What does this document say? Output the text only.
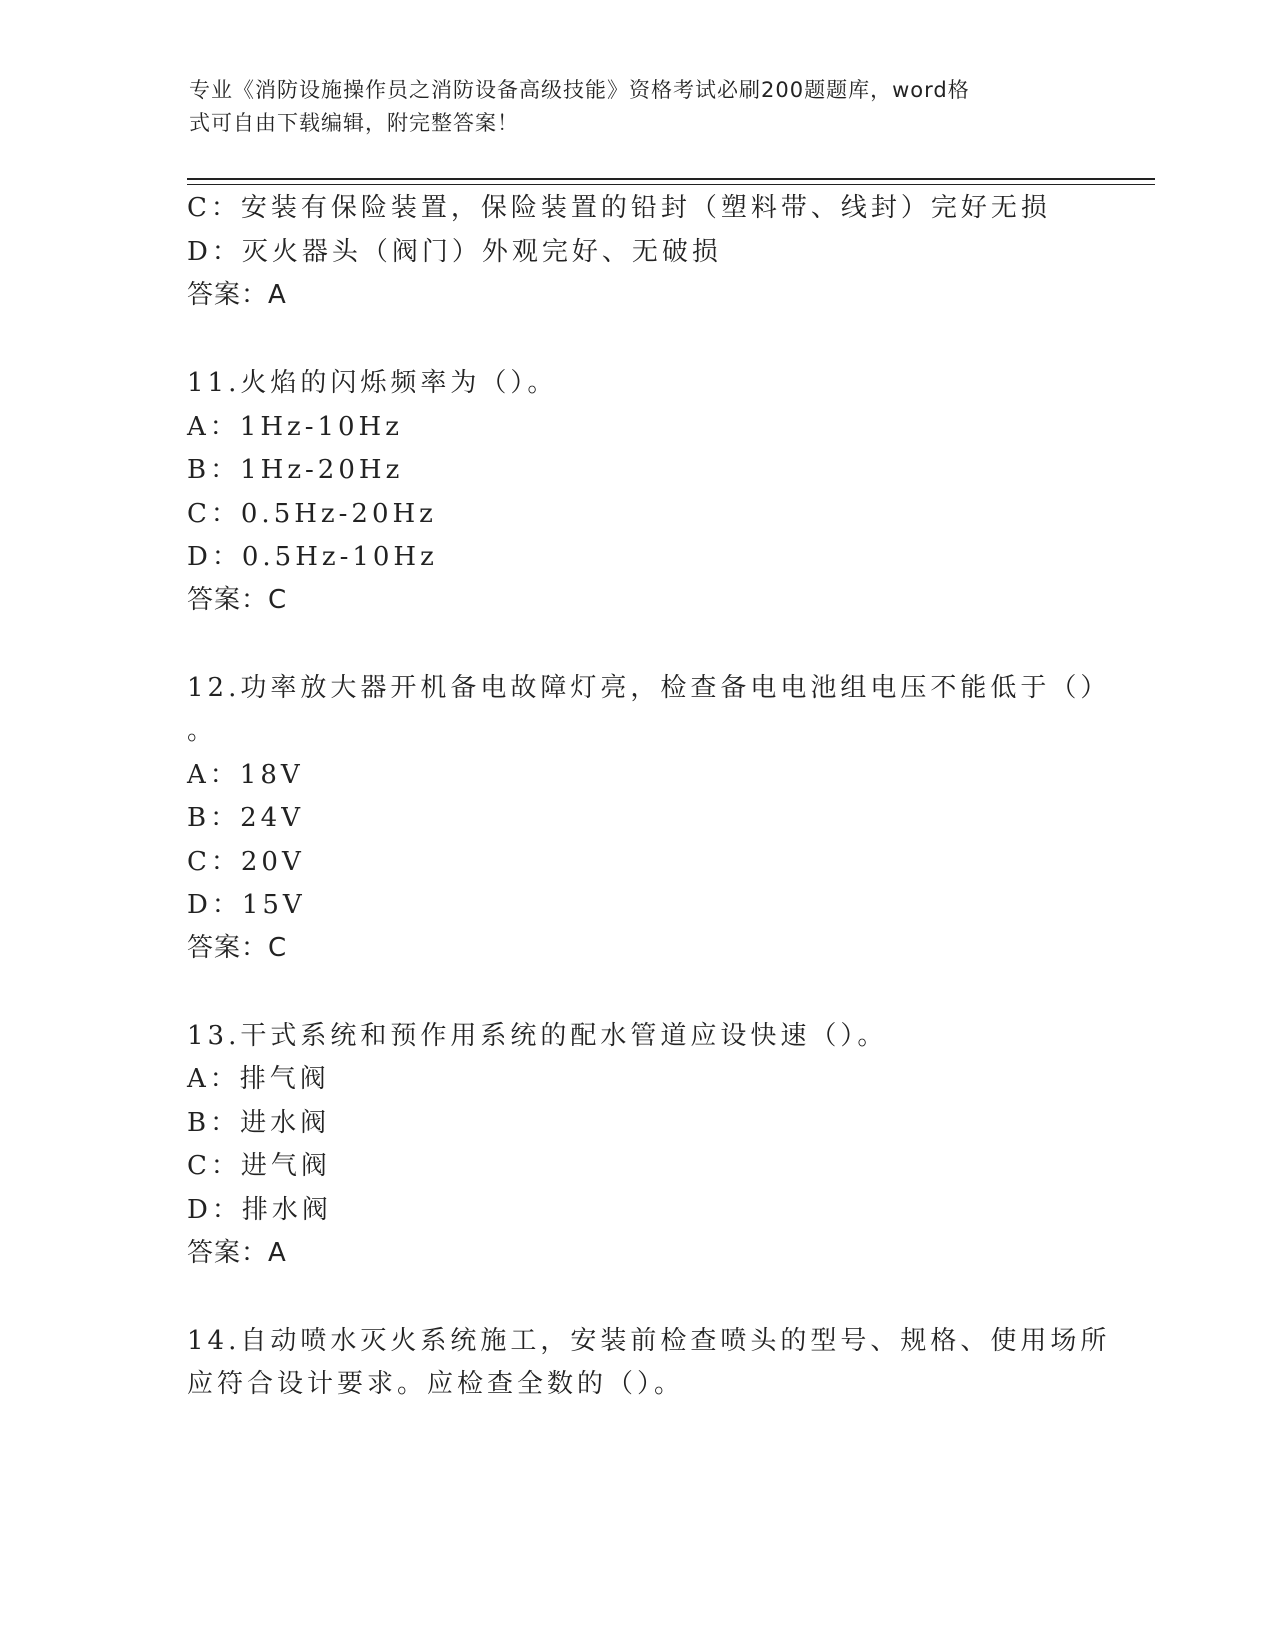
专业《消防设施操作员之消防设备高级技能》资格考试必刷200题题库，word格
式可自由下载编辑，附完整答案！
C：安装有保险装置，保险装置的铅封（塑料带、线封）完好无损
D：灭火器头（阀门）外观完好、无破损
答案：A
11.火焰的闪烁频率为（）。
A：1Hz-10Hz
B：1Hz-20Hz
C：0.5Hz-20Hz
D：0.5Hz-10Hz
答案：C
12.功率放大器开机备电故障灯亮，检查备电电池组电压不能低于（）
。
A：18V
B：24V
C：20V
D：15V
答案：C
13.干式系统和预作用系统的配水管道应设快速（）。
A：排气阀
B：进水阀
C：进气阀
D：排水阀
答案：A
14.自动喷水灭火系统施工，安装前检查喷头的型号、规格、使用场所
应符合设计要求。应检查全数的（）。
